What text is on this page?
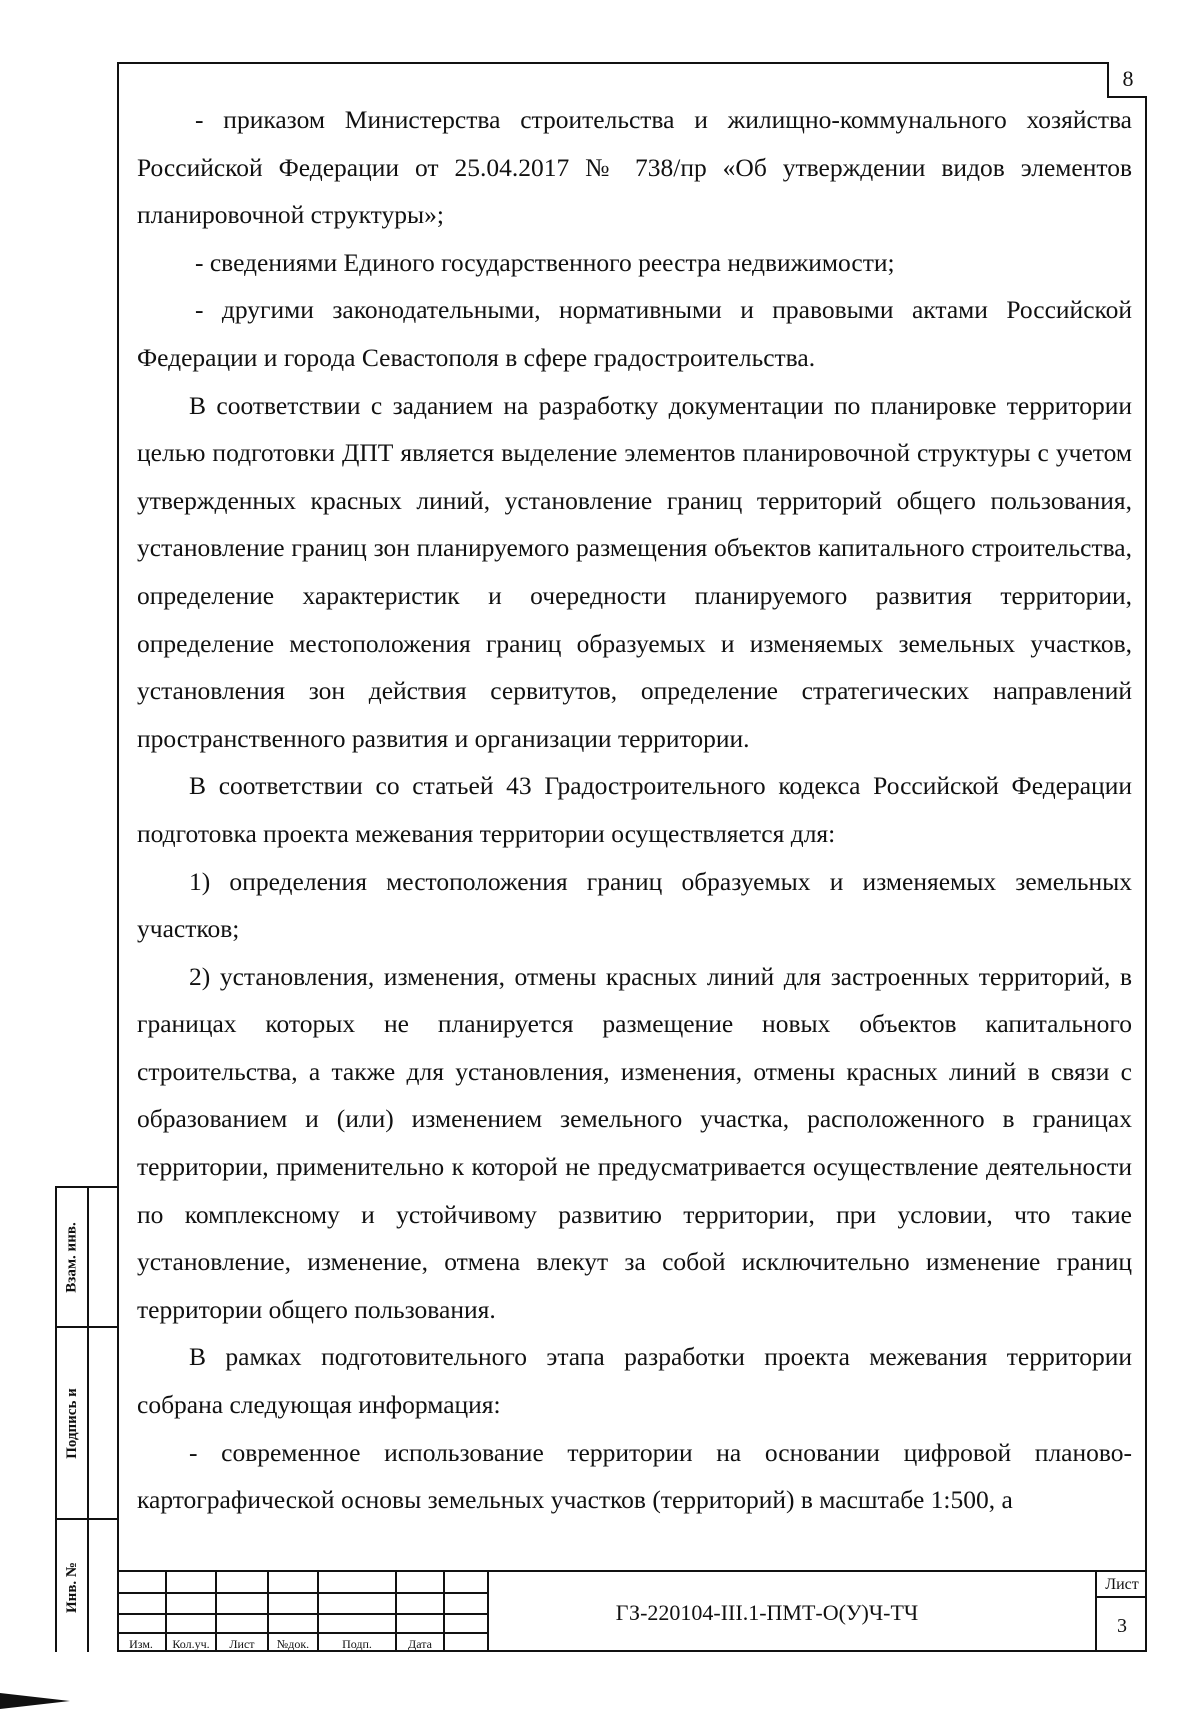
8

- приказом Министерства строительства и жилищно-коммунального хозяйства Российской Федерации от 25.04.2017 № 738/пр «Об утверждении видов элементов планировочной структуры»;

- сведениями Единого государственного реестра недвижимости;

- другими законодательными, нормативными и правовыми актами Российской Федерации и города Севастополя в сфере градостроительства.

В соответствии с заданием на разработку документации по планировке территории целью подготовки ДПТ является выделение элементов планировочной структуры с учетом утвержденных красных линий, установление границ территорий общего пользования, установление границ зон планируемого размещения объектов капитального строительства, определение характеристик и очередности планируемого развития территории, определение местоположения границ образуемых и изменяемых земельных участков, установления зон действия сервитутов, определение стратегических направлений пространственного развития и организации территории.

В соответствии со статьей 43 Градостроительного кодекса Российской Федерации подготовка проекта межевания территории осуществляется для:

1) определения местоположения границ образуемых и изменяемых земельных участков;

2) установления, изменения, отмены красных линий для застроенных территорий, в границах которых не планируется размещение новых объектов капитального строительства, а также для установления, изменения, отмены красных линий в связи с образованием и (или) изменением земельного участка, расположенного в границах территории, применительно к которой не предусматривается осуществление деятельности по комплексному и устойчивому развитию территории, при условии, что такие установление, изменение, отмена влекут за собой исключительно изменение границ территории общего пользования.

В рамках подготовительного этапа разработки проекта межевания территории собрана следующая информация:

- современное использование территории на основании цифровой планово-картографической основы земельных участков (территорий) в масштабе 1:500, а

Взам. инв.
Подпись и
Инв. №
Изм.	Кол.уч.	Лист	№док.	Подп.	Дата
ГЗ-220104-III.1-ПМТ-О(У)Ч-ТЧ
Лист
3
